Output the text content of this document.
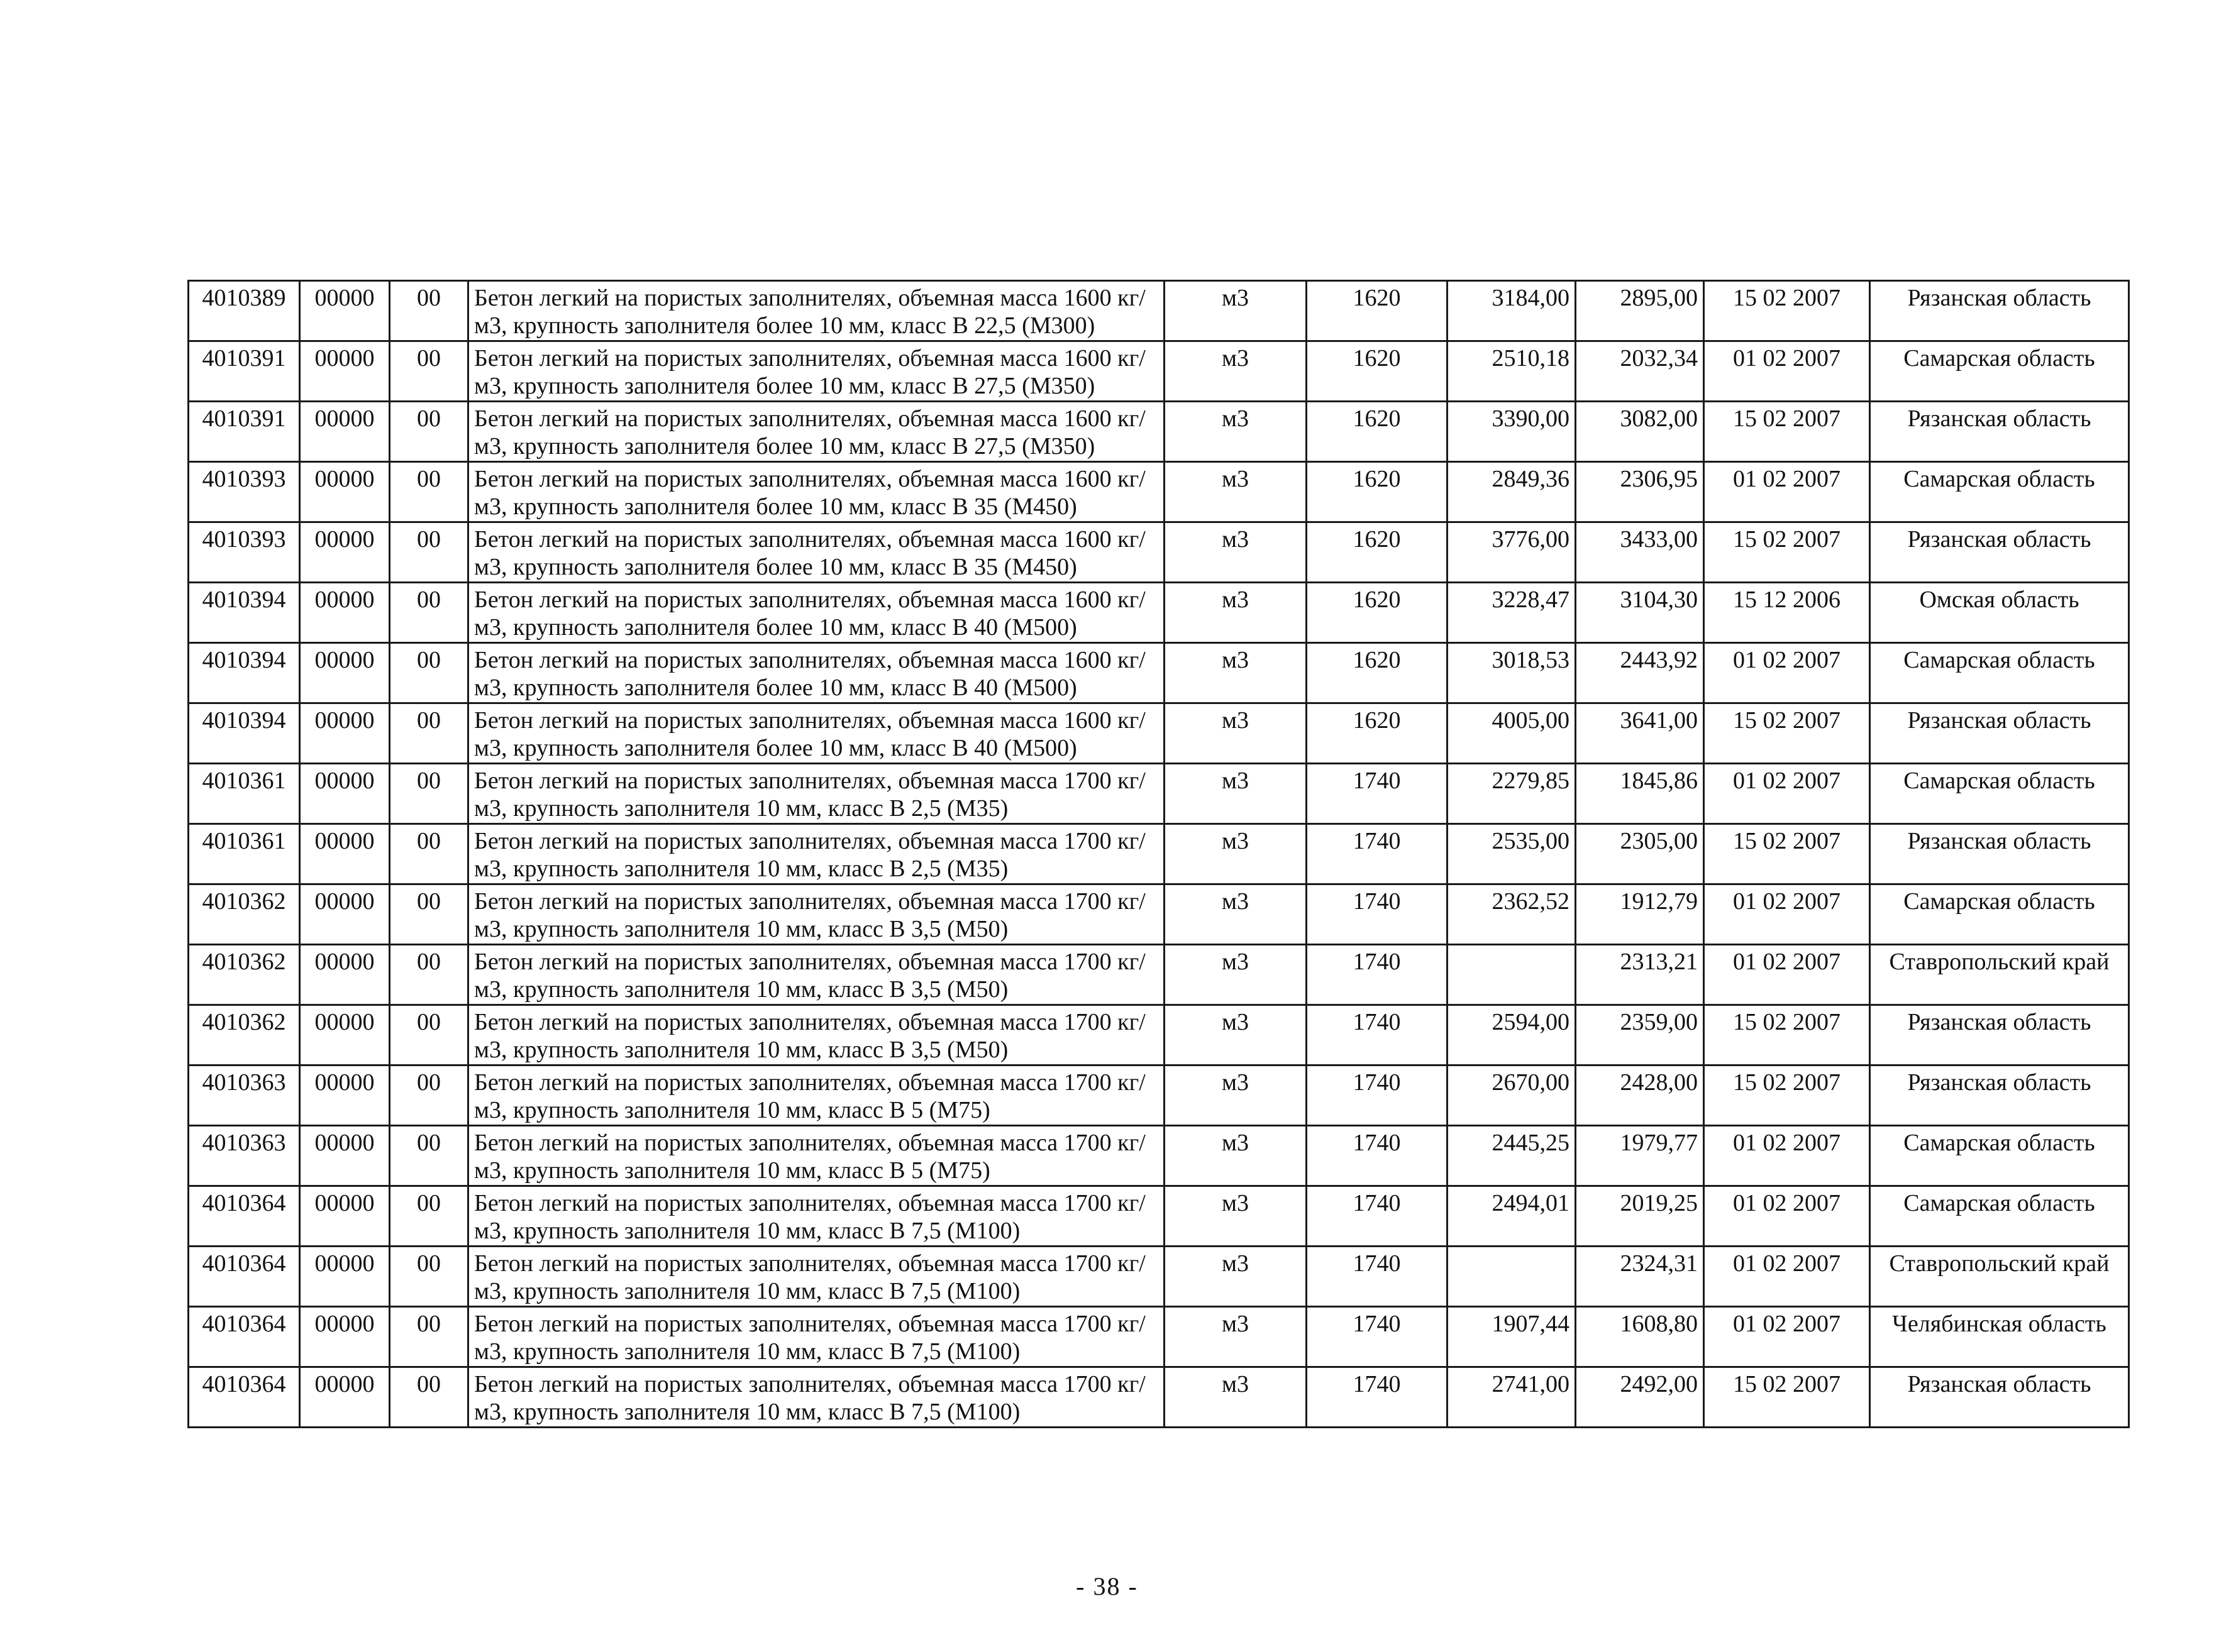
4010389	00000	00	Бетон легкий на пористых заполнителях, объемная масса 1600 кг/м3, крупность заполнителя более 10 мм, класс В 22,5 (М300)	м3	1620	3184,00	2895,00	15 02 2007	Рязанская область
4010391	00000	00	Бетон легкий на пористых заполнителях, объемная масса 1600 кг/м3, крупность заполнителя более 10 мм, класс В 27,5 (М350)	м3	1620	2510,18	2032,34	01 02 2007	Самарская область
4010391	00000	00	Бетон легкий на пористых заполнителях, объемная масса 1600 кг/м3, крупность заполнителя более 10 мм, класс В 27,5 (М350)	м3	1620	3390,00	3082,00	15 02 2007	Рязанская область
4010393	00000	00	Бетон легкий на пористых заполнителях, объемная масса 1600 кг/м3, крупность заполнителя более 10 мм, класс В 35 (М450)	м3	1620	2849,36	2306,95	01 02 2007	Самарская область
4010393	00000	00	Бетон легкий на пористых заполнителях, объемная масса 1600 кг/м3, крупность заполнителя более 10 мм, класс В 35 (М450)	м3	1620	3776,00	3433,00	15 02 2007	Рязанская область
4010394	00000	00	Бетон легкий на пористых заполнителях, объемная масса 1600 кг/м3, крупность заполнителя более 10 мм, класс В 40 (М500)	м3	1620	3228,47	3104,30	15 12 2006	Омская область
4010394	00000	00	Бетон легкий на пористых заполнителях, объемная масса 1600 кг/м3, крупность заполнителя более 10 мм, класс В 40 (М500)	м3	1620	3018,53	2443,92	01 02 2007	Самарская область
4010394	00000	00	Бетон легкий на пористых заполнителях, объемная масса 1600 кг/м3, крупность заполнителя более 10 мм, класс В 40 (М500)	м3	1620	4005,00	3641,00	15 02 2007	Рязанская область
4010361	00000	00	Бетон легкий на пористых заполнителях, объемная масса 1700 кг/м3, крупность заполнителя 10 мм, класс В 2,5 (М35)	м3	1740	2279,85	1845,86	01 02 2007	Самарская область
4010361	00000	00	Бетон легкий на пористых заполнителях, объемная масса 1700 кг/м3, крупность заполнителя 10 мм, класс В 2,5 (М35)	м3	1740	2535,00	2305,00	15 02 2007	Рязанская область
4010362	00000	00	Бетон легкий на пористых заполнителях, объемная масса 1700 кг/м3, крупность заполнителя 10 мм, класс В 3,5 (М50)	м3	1740	2362,52	1912,79	01 02 2007	Самарская область
4010362	00000	00	Бетон легкий на пористых заполнителях, объемная масса 1700 кг/м3, крупность заполнителя 10 мм, класс В 3,5 (М50)	м3	1740		2313,21	01 02 2007	Ставропольский край
4010362	00000	00	Бетон легкий на пористых заполнителях, объемная масса 1700 кг/м3, крупность заполнителя 10 мм, класс В 3,5 (М50)	м3	1740	2594,00	2359,00	15 02 2007	Рязанская область
4010363	00000	00	Бетон легкий на пористых заполнителях, объемная масса 1700 кг/м3, крупность заполнителя 10 мм, класс В 5 (М75)	м3	1740	2670,00	2428,00	15 02 2007	Рязанская область
4010363	00000	00	Бетон легкий на пористых заполнителях, объемная масса 1700 кг/м3, крупность заполнителя 10 мм, класс В 5 (М75)	м3	1740	2445,25	1979,77	01 02 2007	Самарская область
4010364	00000	00	Бетон легкий на пористых заполнителях, объемная масса 1700 кг/м3, крупность заполнителя 10 мм, класс В 7,5 (М100)	м3	1740	2494,01	2019,25	01 02 2007	Самарская область
4010364	00000	00	Бетон легкий на пористых заполнителях, объемная масса 1700 кг/м3, крупность заполнителя 10 мм, класс В 7,5 (М100)	м3	1740		2324,31	01 02 2007	Ставропольский край
4010364	00000	00	Бетон легкий на пористых заполнителях, объемная масса 1700 кг/м3, крупность заполнителя 10 мм, класс В 7,5 (М100)	м3	1740	1907,44	1608,80	01 02 2007	Челябинская область
4010364	00000	00	Бетон легкий на пористых заполнителях, объемная масса 1700 кг/м3, крупность заполнителя 10 мм, класс В 7,5 (М100)	м3	1740	2741,00	2492,00	15 02 2007	Рязанская область
- 38 -
